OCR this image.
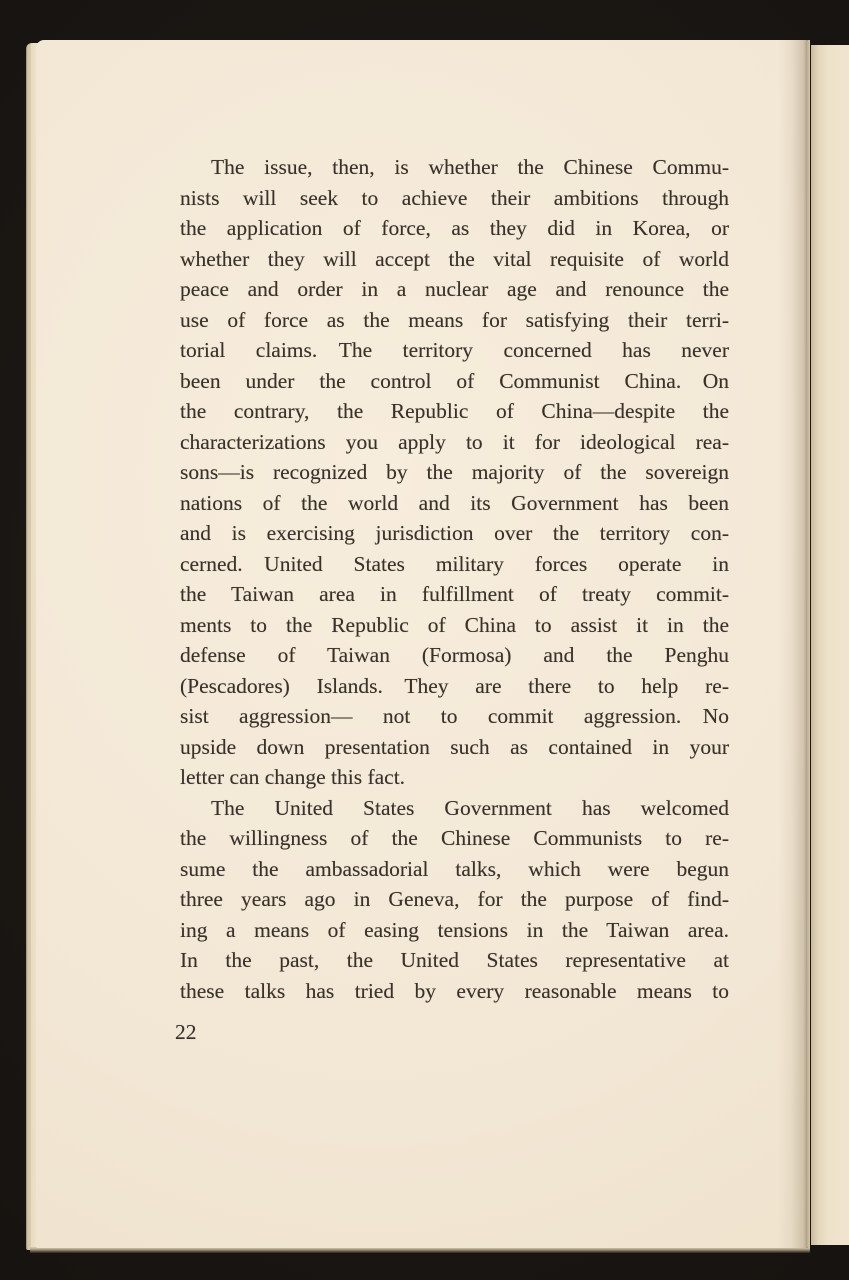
The issue, then, is whether the Chinese Commu-
nists will seek to achieve their ambitions through
the application of force, as they did in Korea, or
whether they will accept the vital requisite of world
peace and order in a nuclear age and renounce the
use of force as the means for satisfying their terri-
torial claims. The territory concerned has never
been under the control of Communist China. On
the contrary, the Republic of China—despite the
characterizations you apply to it for ideological rea-
sons—is recognized by the majority of the sovereign
nations of the world and its Government has been
and is exercising jurisdiction over the territory con-
cerned. United States military forces operate in
the Taiwan area in fulfillment of treaty commit-
ments to the Republic of China to assist it in the
defense of Taiwan (Formosa) and the Penghu
(Pescadores) Islands. They are there to help re-
sist aggression— not to commit aggression. No
upside down presentation such as contained in your
letter can change this fact.
The United States Government has welcomed
the willingness of the Chinese Communists to re-
sume the ambassadorial talks, which were begun
three years ago in Geneva, for the purpose of find-
ing a means of easing tensions in the Taiwan area.
In the past, the United States representative at
these talks has tried by every reasonable means to
22
